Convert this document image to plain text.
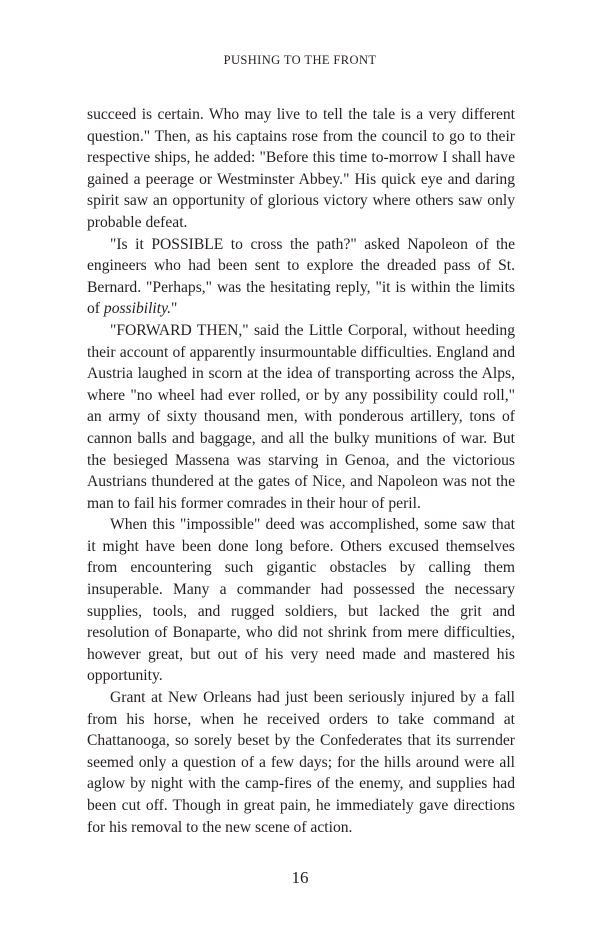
PUSHING TO THE FRONT

succeed is certain. Who may live to tell the tale is a very different question." Then, as his captains rose from the council to go to their respective ships, he added: "Before this time to-morrow I shall have gained a peerage or Westminster Abbey." His quick eye and daring spirit saw an opportunity of glorious victory where others saw only probable defeat.

"Is it POSSIBLE to cross the path?" asked Napoleon of the engineers who had been sent to explore the dreaded pass of St. Bernard. "Perhaps," was the hesitating reply, "it is within the limits of possibility."

"FORWARD THEN," said the Little Corporal, without heeding their account of apparently insurmountable difficulties. England and Austria laughed in scorn at the idea of transporting across the Alps, where "no wheel had ever rolled, or by any possibility could roll," an army of sixty thousand men, with ponderous artillery, tons of cannon balls and baggage, and all the bulky munitions of war. But the besieged Massena was starving in Genoa, and the victorious Austrians thundered at the gates of Nice, and Napoleon was not the man to fail his former comrades in their hour of peril.

When this "impossible" deed was accomplished, some saw that it might have been done long before. Others excused themselves from encountering such gigantic obstacles by calling them insuperable. Many a commander had possessed the necessary supplies, tools, and rugged soldiers, but lacked the grit and resolution of Bonaparte, who did not shrink from mere difficulties, however great, but out of his very need made and mastered his opportunity.

Grant at New Orleans had just been seriously injured by a fall from his horse, when he received orders to take command at Chattanooga, so sorely beset by the Confederates that its surrender seemed only a question of a few days; for the hills around were all aglow by night with the camp-fires of the enemy, and supplies had been cut off. Though in great pain, he immediately gave directions for his removal to the new scene of action.

16
